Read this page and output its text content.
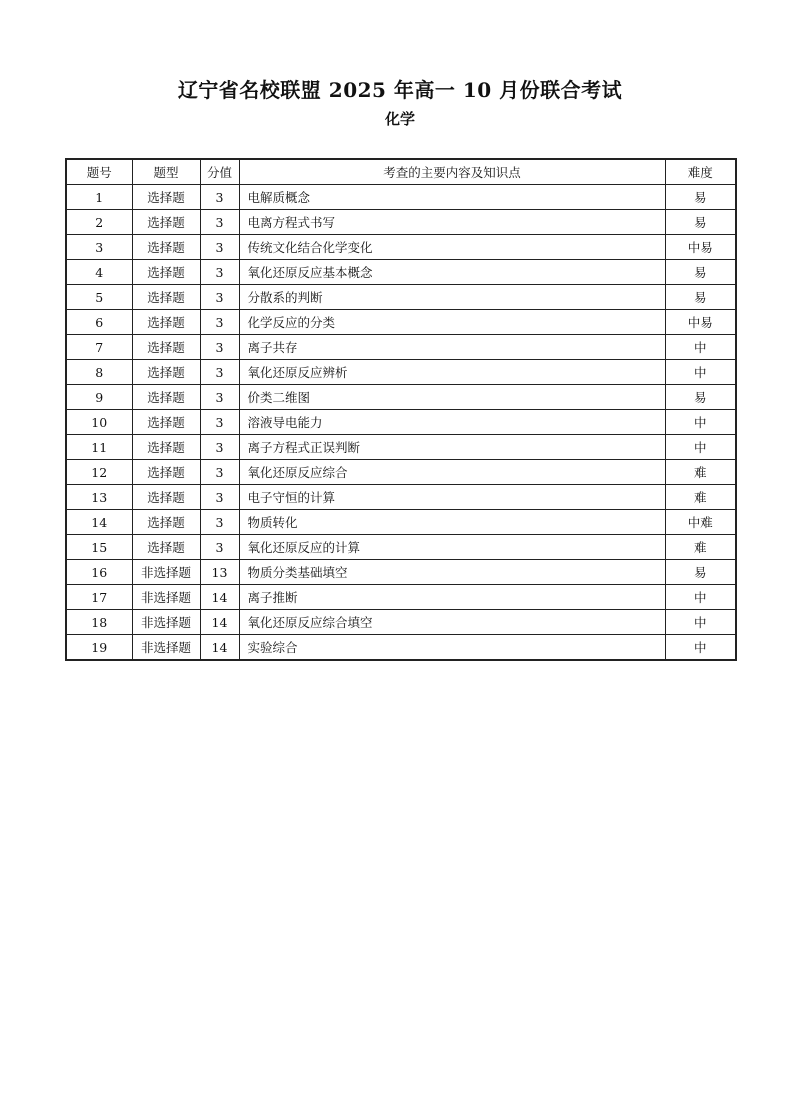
辽宁省名校联盟 2025 年高一 10 月份联合考试
化学
题号	题型	分值	考查的主要内容及知识点	难度
1	选择题	3	电解质概念	易
2	选择题	3	电离方程式书写	易
3	选择题	3	传统文化结合化学变化	中易
4	选择题	3	氧化还原反应基本概念	易
5	选择题	3	分散系的判断	易
6	选择题	3	化学反应的分类	中易
7	选择题	3	离子共存	中
8	选择题	3	氧化还原反应辨析	中
9	选择题	3	价类二维图	易
10	选择题	3	溶液导电能力	中
11	选择题	3	离子方程式正误判断	中
12	选择题	3	氧化还原反应综合	难
13	选择题	3	电子守恒的计算	难
14	选择题	3	物质转化	中难
15	选择题	3	氧化还原反应的计算	难
16	非选择题	13	物质分类基础填空	易
17	非选择题	14	离子推断	中
18	非选择题	14	氧化还原反应综合填空	中
19	非选择题	14	实验综合	中
